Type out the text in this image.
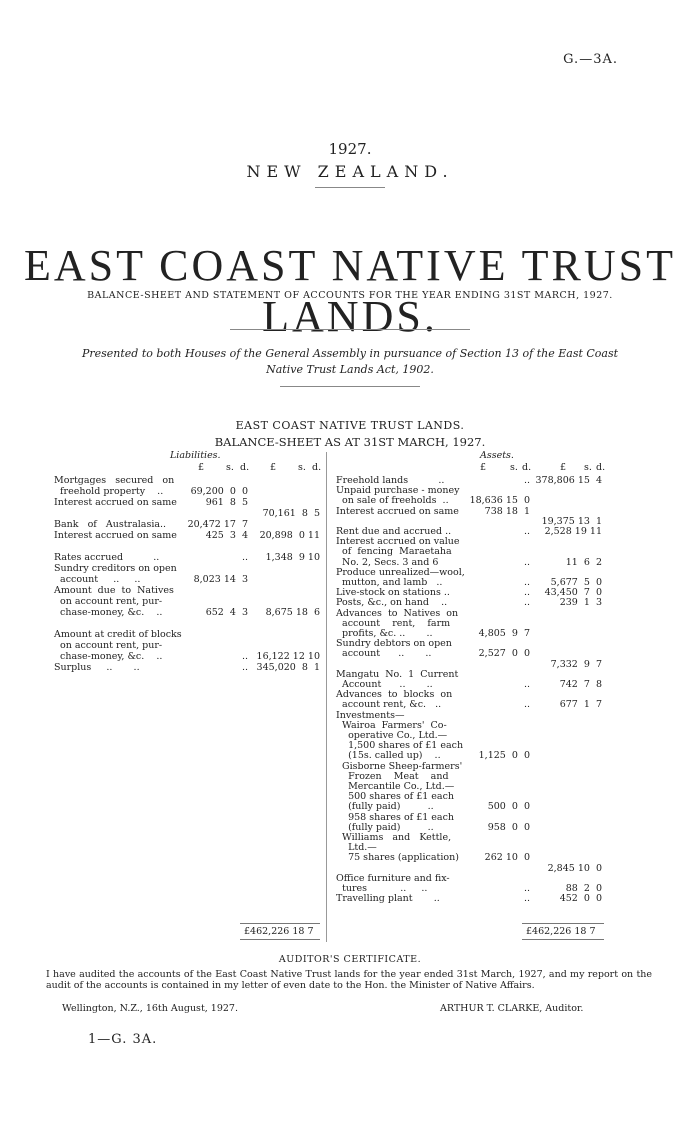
G.—3A.
1927.
NEW ZEALAND.
EAST COAST NATIVE TRUST LANDS.
BALANCE-SHEET AND STATEMENT OF ACCOUNTS FOR THE YEAR ENDING 31ST MARCH, 1927.
Presented to both Houses of the General Assembly in pursuance of Section 13 of the East Coast
Native Trust Lands Act, 1902.
EAST COAST NATIVE TRUST LANDS.
BALANCE-SHEET AS AT 31ST MARCH, 1927.
Liabilities.	Assets.
£ s. d. £ s. d.	£	s. d.	£ s. d.
Mortgages   secured   on
freehold property    ..	69,200  0  0
Interest accrued on same	961  8  5
70,161  8  5
Bank   of   Australasia..	20,472 17  7
Interest accrued on same	425  3  4	20,898  0 11
Rates accrued          ..	..	1,348  9 10
Sundry creditors on open
account     ..     ..	8,023 14  3
Amount  due  to  Natives
on account rent, pur-
chase-money, &c.    ..	652  4  3	8,675 18  6
Amount at credit of blocks
on account rent, pur-
chase-money, &c.    ..	.. 16,122 12 10
Surplus     ..       ..	.. 345,020  8  1
Freehold lands          ..	.. 378,806 15  4
Unpaid purchase - money
on sale of freeholds  ..	18,636 15  0
Interest accrued on same	738 18  1
19,375 13  1
Rent due and accrued ..	..	2,528 19 11
Interest accrued on value
of  fencing  Maraetaha
No. 2, Secs. 3 and 6	..	11  6  2
Produce unrealized—wool,
mutton, and lamb   ..	..	5,677  5  0
Live-stock on stations ..	..	43,450  7  0
Posts, &c., on hand    ..	..	239  1  3
Advances  to  Natives  on
account    rent,    farm
profits, &c. ..       ..	4,805  9  7
Sundry debtors on open
account      ..       ..	2,527  0  0
7,332  9  7
Mangatu  No.  1  Current
Account      ..       ..	..	742  7  8
Advances  to  blocks  on
account rent, &c.   ..	..	677  1  7
Investments—
Wairoa  Farmers'  Co-
operative Co., Ltd.—
1,500 shares of £1 each
(15s. called up)    ..	1,125  0  0
Gisborne Sheep-farmers'
Frozen    Meat    and
Mercantile Co., Ltd.—
500 shares of £1 each
(fully paid)         ..	500  0  0
958 shares of £1 each
(fully paid)         ..	958  0  0
Williams   and   Kettle,
Ltd.—
75 shares (application)	262 10  0
2,845 10  0
Office furniture and fix-
tures           ..     ..	..	88  2  0
Travelling plant       ..	..	452  0  0
£462,226 18 7	£462,226 18 7
AUDITOR'S CERTIFICATE.
I have audited the accounts of the East Coast Native Trust lands for the year ended 31st March, 1927, and my report on the audit of the accounts is contained in my letter of even date to the Hon. the Minister of Native Affairs.
Wellington, N.Z., 16th August, 1927.	ARTHUR T. CLARKE, Auditor.
1—G. 3A.
